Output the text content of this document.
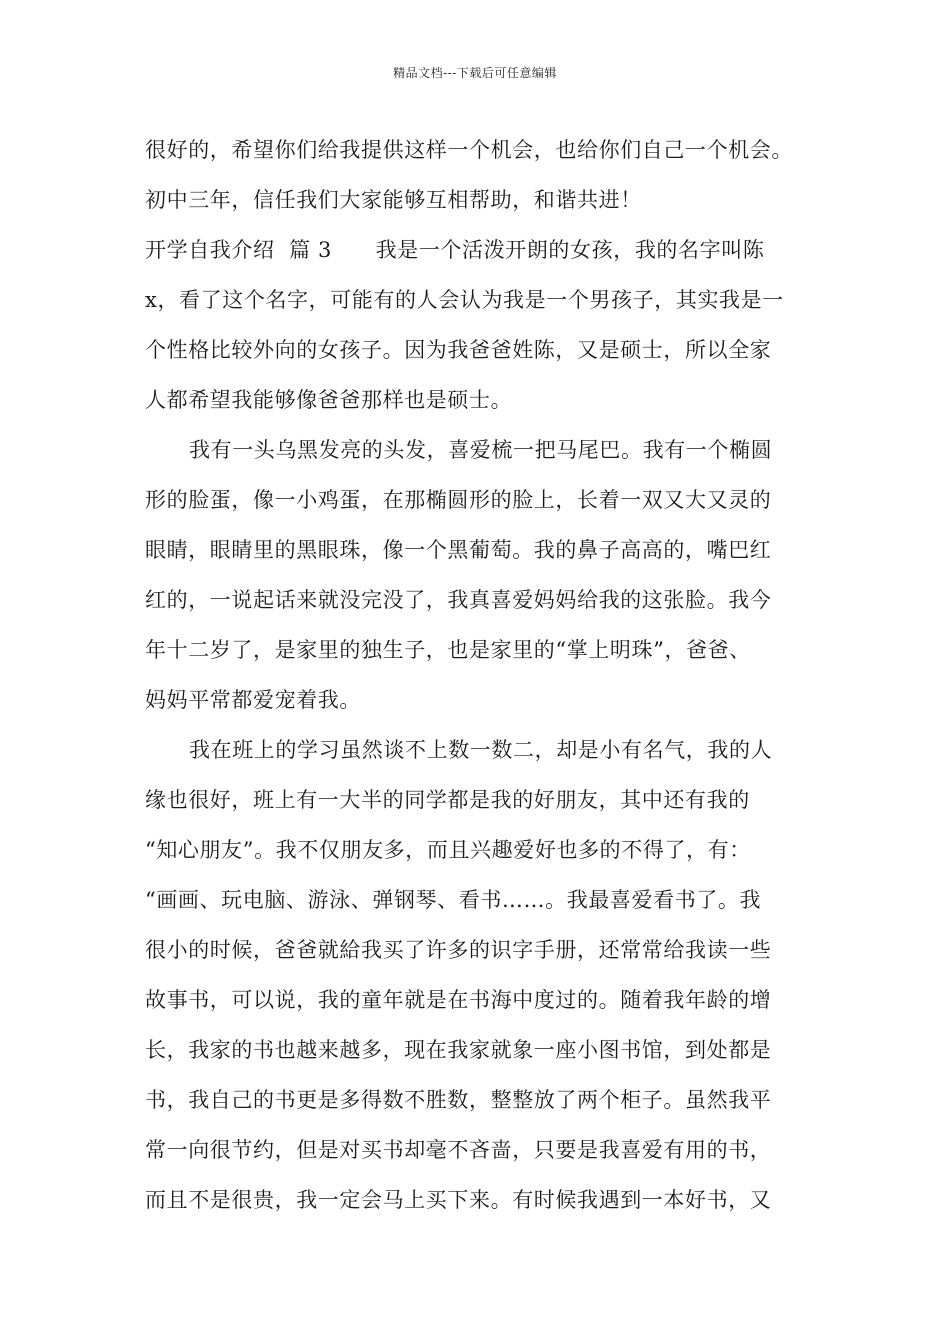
精品文档---下载后可任意编辑
很好的，希望你们给我提供这样一个机会，也给你们自己一个机会。
初中三年，信任我们大家能够互相帮助，和谐共进！
开学自我介绍  篇 3      我是一个活泼开朗的女孩，我的名字叫陈
x，看了这个名字，可能有的人会认为我是一个男孩子，其实我是一
个性格比较外向的女孩子。因为我爸爸姓陈，又是硕士，所以全家
人都希望我能够像爸爸那样也是硕士。
我有一头乌黑发亮的头发，喜爱梳一把马尾巴。我有一个椭圆
形的脸蛋，像一小鸡蛋，在那椭圆形的脸上，长着一双又大又灵的
眼睛，眼睛里的黑眼珠，像一个黑葡萄。我的鼻子高高的，嘴巴红
红的，一说起话来就没完没了，我真喜爱妈妈给我的这张脸。我今
年十二岁了，是家里的独生子，也是家里的“掌上明珠”，爸爸、
妈妈平常都爱宠着我。
我在班上的学习虽然谈不上数一数二，却是小有名气，我的人
缘也很好，班上有一大半的同学都是我的好朋友，其中还有我的
“知心朋友”。我不仅朋友多，而且兴趣爱好也多的不得了，有：
“画画、玩电脑、游泳、弹钢琴、看书……。我最喜爱看书了。我
很小的时候，爸爸就給我买了许多的识字手册，还常常给我读一些
故事书，可以说，我的童年就是在书海中度过的。随着我年龄的增
长，我家的书也越来越多，现在我家就象一座小图书馆，到处都是
书，我自己的书更是多得数不胜数，整整放了两个柜子。虽然我平
常一向很节约，但是对买书却毫不吝啬，只要是我喜爱有用的书，
而且不是很贵，我一定会马上买下来。有时候我遇到一本好书，又
